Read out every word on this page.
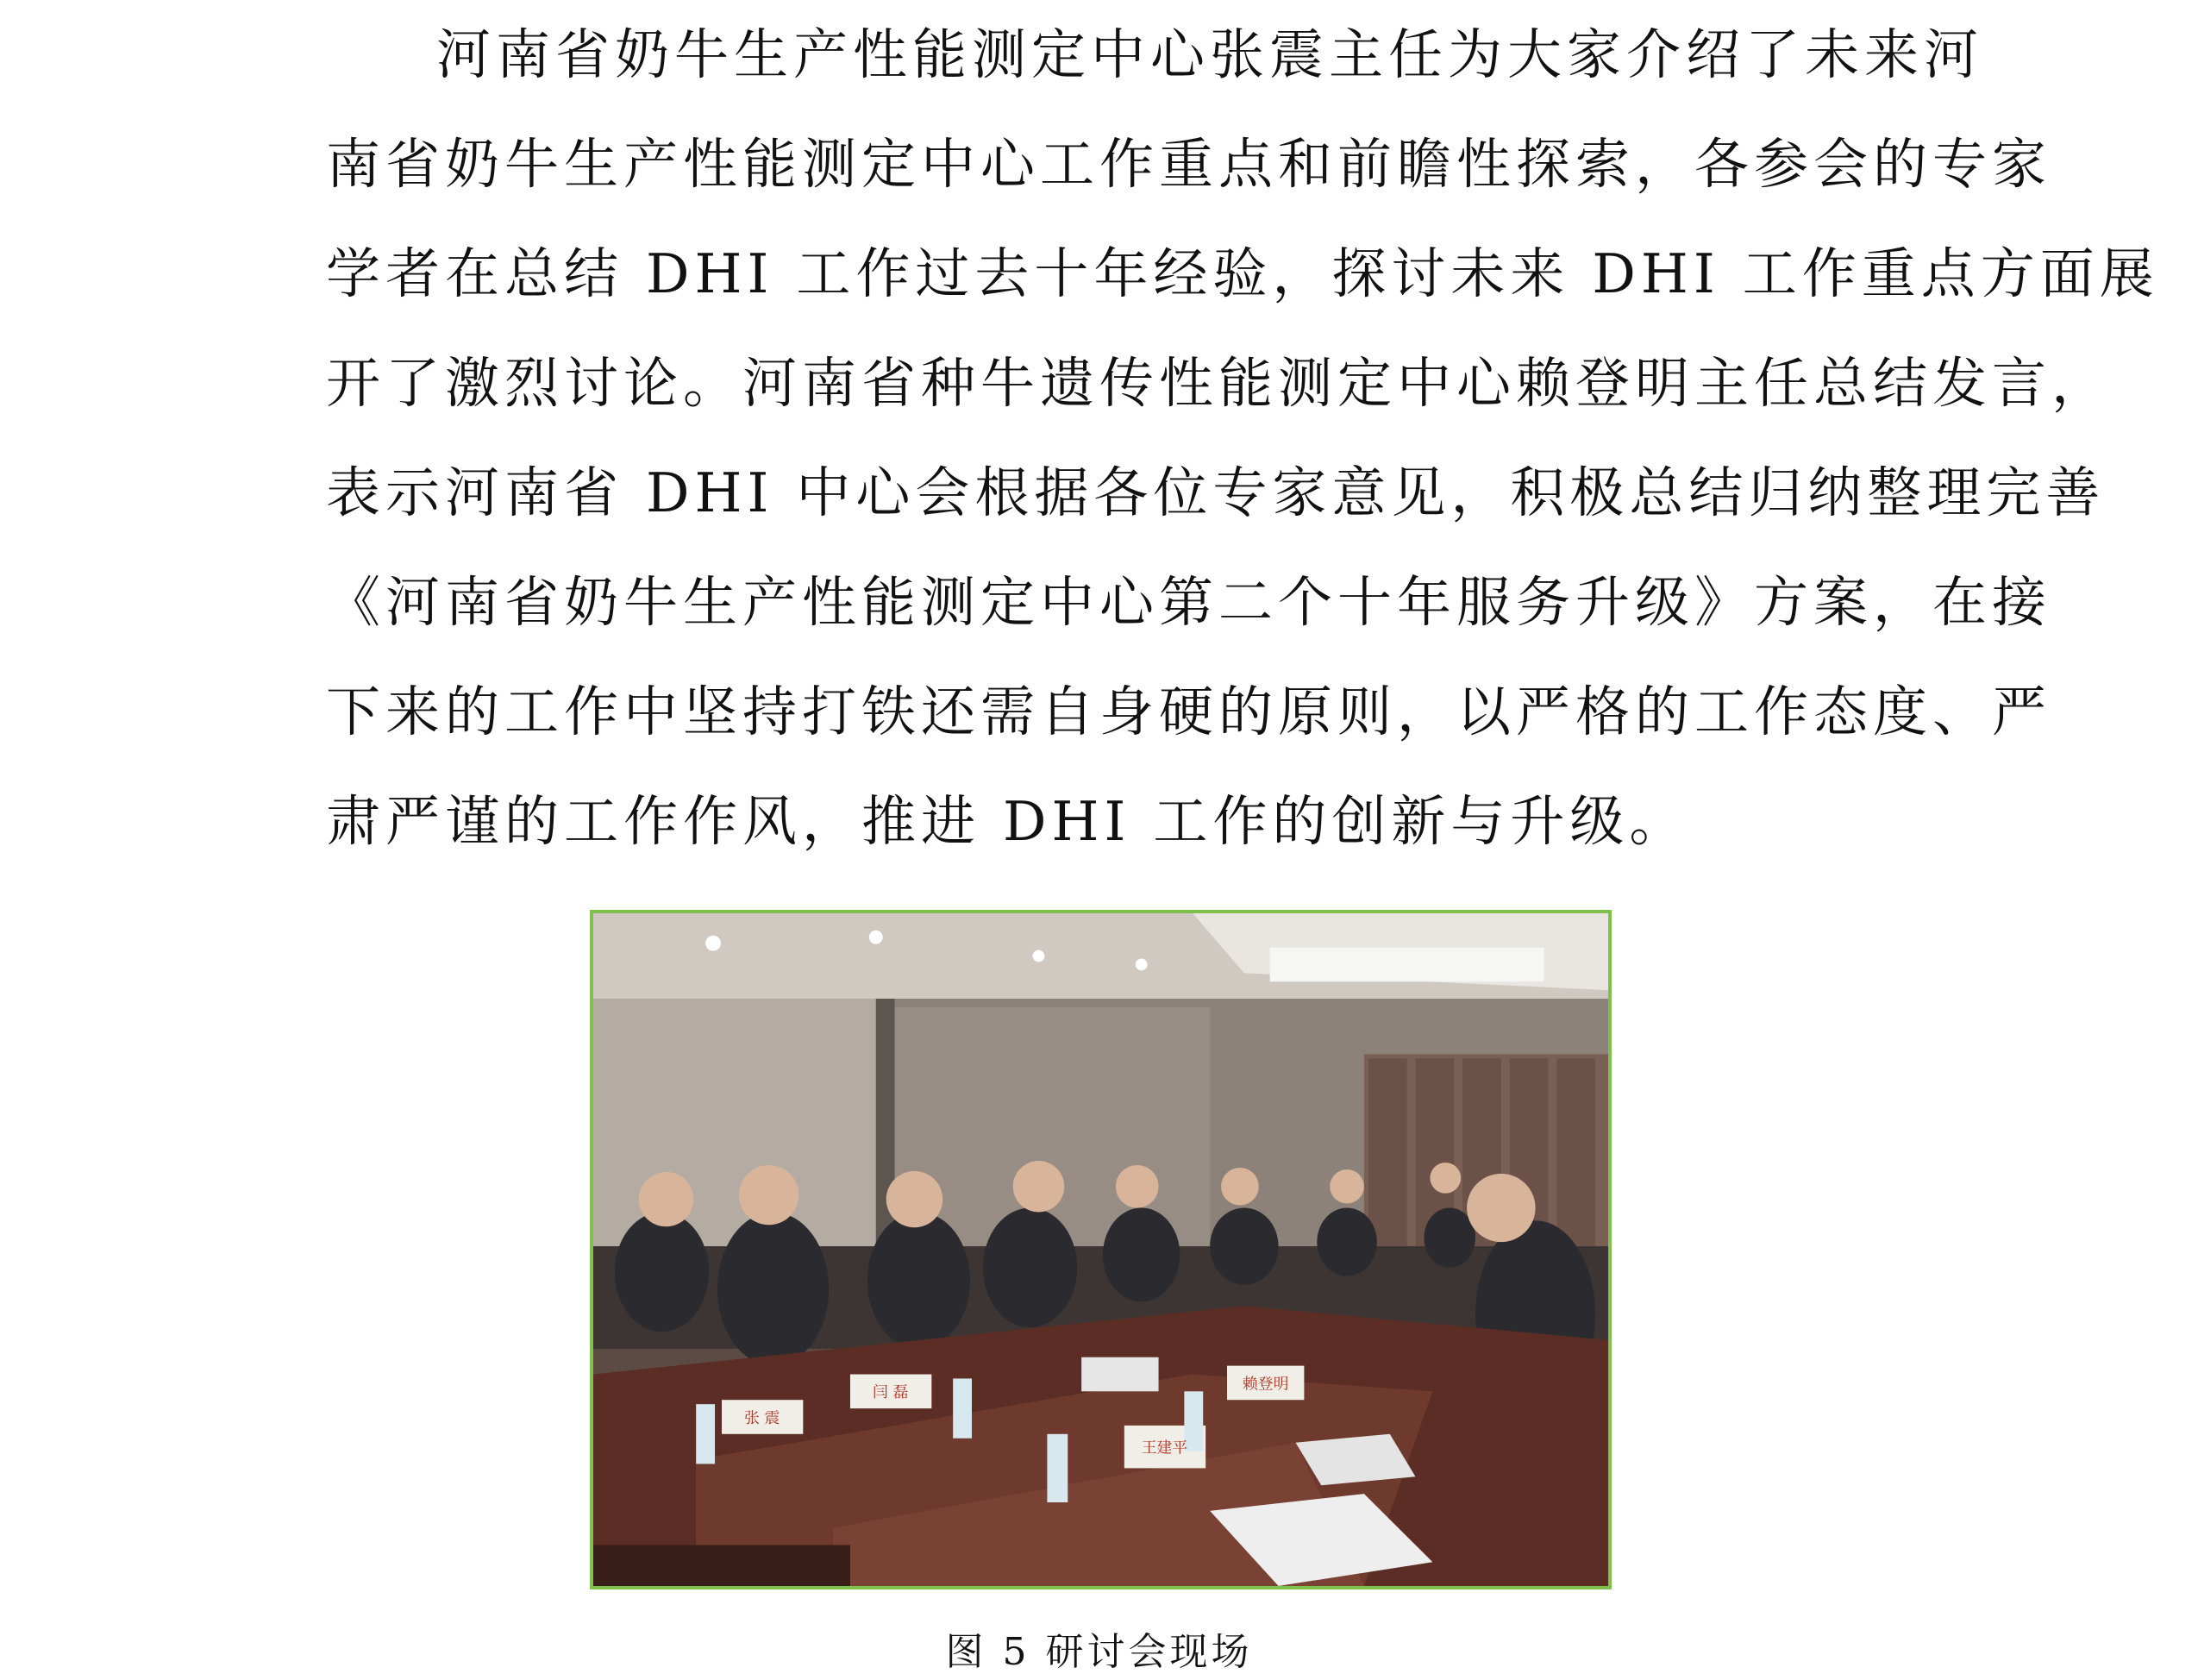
河南省奶牛生产性能测定中心张震主任为大家介绍了未来河
南省奶牛生产性能测定中心工作重点和前瞻性探索，各参会的专家
学者在总结 DHI 工作过去十年经验，探讨未来 DHI 工作重点方面展
开了激烈讨论。河南省种牛遗传性能测定中心赖登明主任总结发言，
表示河南省 DHI 中心会根据各位专家意见，积极总结归纳整理完善
《河南省奶牛生产性能测定中心第二个十年服务升级》方案，在接
下来的工作中坚持打铁还需自身硬的原则，以严格的工作态度、严
肃严谨的工作作风，推进 DHI 工作的创新与升级。
张 震
闫 磊
王建平
赖登明
图 5 研讨会现场
